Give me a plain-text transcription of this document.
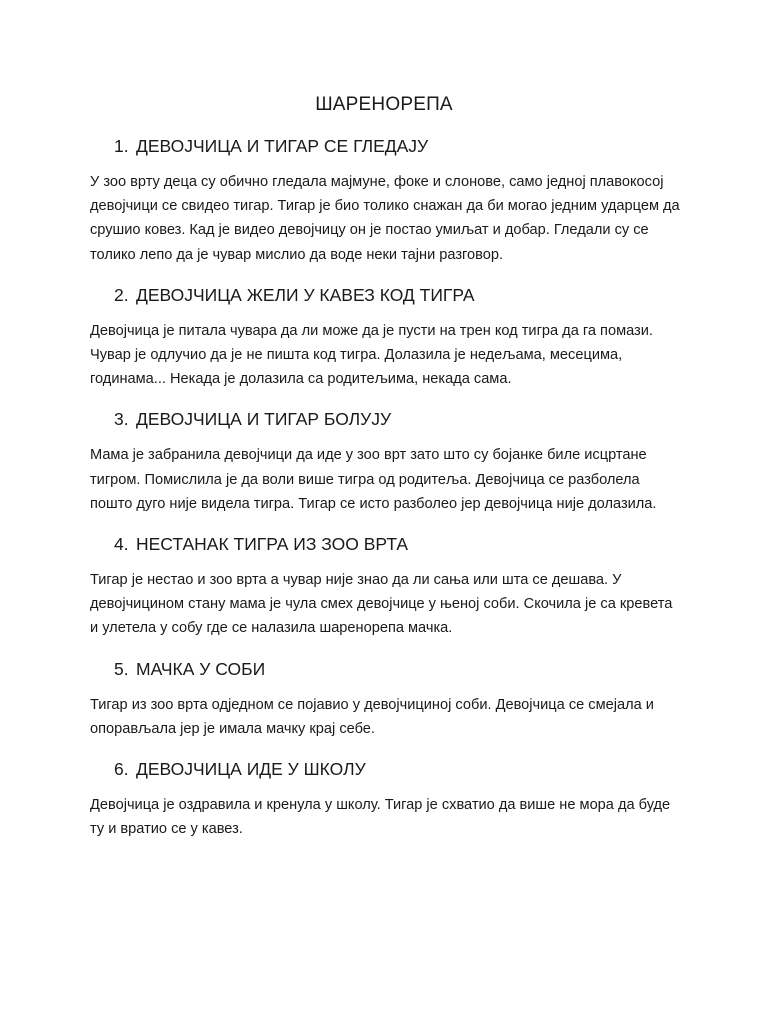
ШАРЕНОРЕПА
1. ДЕВОЈЧИЦА И ТИГАР СЕ ГЛЕДАЈУ

У зоо врту деца су обично гледала мајмуне, фоке и слонове, само једној плавокосој девојчици се свидео тигар. Тигар је био толико снажан да би могао једним ударцем да срушио ковез. Кад је видео девојчицу он је постао умиљат и добар. Гледали су се толико лепо да је чувар мислио да воде неки тајни разговор.

2. ДЕВОЈЧИЦА ЖЕЛИ У КАВЕЗ КОД ТИГРА

Девојчица је питала чувара да ли може да је пусти на трен код тигра да га помази. Чувар је одлучио да је не пишта код тигра. Долазила је недељама, месецима, годинама... Некада је долазила са родитељима, некада сама.

3. ДЕВОЈЧИЦА И ТИГАР БОЛУЈУ

Мама је забранила девојчици да иде у зоо врт зато што су бојанке биле исцртане тигром. Помислила је да воли више тигра од родитеља. Девојчица се разболела пошто дуго није видела тигра. Тигар се исто разболео јер девојчица није долазила.

4. НЕСТАНАК ТИГРА ИЗ ЗОО ВРТА

Тигар је нестао и зоо врта а чувар није знао да ли сања или шта се дешава. У девојчицином стану мама је чула смех девојчице у њеној соби. Скочила је са кревета и улетела у собу где се налазила шаренорепа мачка.

5. МАЧКА У СОБИ

Тигар из зоо врта одједном се појавио у девојчициној соби. Девојчица се смејала и опорављала јер је имала мачку крај себе.

6. ДЕВОЈЧИЦА ИДЕ У ШКОЛУ

Девојчица је оздравила и кренула у школу. Тигар је схватио да више не мора да буде ту и вратио се у кавез.
